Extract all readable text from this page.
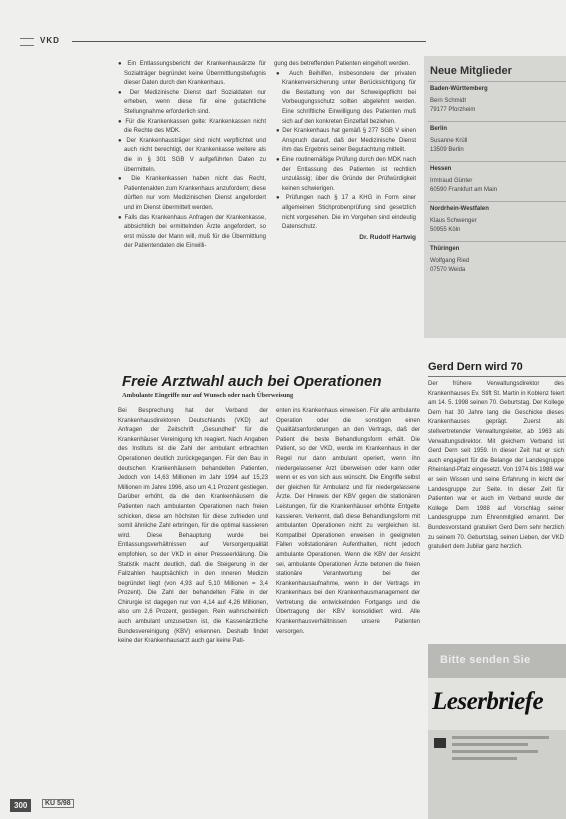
VKD

● Ein Entlassungsbericht der Krankenhausärzte für Sozialträger begründet keine Übermittlungsbefugnis dieser Daten durch den Krankenhaus.

● Der Medizinische Dienst darf Sozialdaten nur erheben, wenn diese für eine gutachtliche Stellungnahme erforderlich sind.

● Für die Krankenkassen gelte: Krankenkassen nicht die Rechte des MDK.

● Der Krankenhausträger sind nicht verpflichtet und auch nicht berechtigt, der Krankenkasse weitere als die in § 301 SGB V aufgeführten Daten zu übermitteln.

● Die Krankenkassen haben nicht das Recht, Patientenakten zum Krankenhaus anzufordern; diese dürften nur vom Medizinischen Dienst angefordert und im Dienst übermittelt werden.

● Falls das Krankenhaus Anfragen der Krankenkasse, abbsichtlich bei ermittelnden Ärzte angefordert, so erst müsste der Mann will, muß für die Übermittlung der Patientendaten die Einwilli-

gung des betreffenden Patienten eingeholt werden.

● Auch Beihilfen, insbesondere der privaten Krankenversicherung unter Berücksichtigung für die Bestattung von der Schweigepflicht bei Vorbeugungsschutz sollten abgelehnt werden. Eine schriftliche Einwilligung des Patienten muß sich auf den konkreten Einzelfall beziehen.

● Der Krankenhaus hat gemäß § 277 SGB V einen Anspruch darauf, daß der Medizinische Dienst ihm das Ergebnis seiner Begutachtung mitteilt.

● Eine routinemäßige Prüfung durch den MDK nach der Entlassung des Patienten ist rechtlich unzulässig; über die Gründe der Prüfwürdigkeit keinen schwierigen.

● Prüfungen nach § 17 a KHG in Form einer allgemeinen Stichprobenprüfung sind gesetzlich nicht vorgesehen. Die im Vorgehen sind eindeutig Datenschutz.

Dr. Rudolf Hartwig

Neue Mitglieder
Baden-Württemberg
Bern Schmidt
79177 Pforzheim
Berlin
Susanne Krüll
13509 Berlin
Hessen
Irmtraud Günter
60590 Frankfurt am Main
Nordrhein-Westfalen
Klaus Schwenger
50955 Köln
Thüringen
Wolfgang Ried
07570 Weida
Freie Arztwahl auch bei Operationen
Ambulante Eingriffe nur auf Wunsch oder nach Überweisung

Bei Besprechung hat der Verband der Krankenhausdirektoren Deutschlands (VKD) auf Anfragen der Zeitschrift „Gesundheit“ für die Krankenhäuser Vereinigung Ich reagiert. Nach Angaben des Instituts ist die Zahl der ambulant erbrachten Operationen deutlich zurückgegangen. Für den Bau in deutschen Krankenhäusern behandelten Patienten, Jedoch von 14,63 Millionen im Jahr 1994 auf 15,23 Millionen im Jahre 1996, also um 4,1 Prozent gestiegen. Darüber erhöht, da die den Krankenhäusern die Patienten nach ambulanten Operationen nach freien schicken, diese am höchsten für diese zufrieden und somit ähnliche Zahl erbringen, für die optimal kassieren wird. Diese Behauptung wurde bei Entlassungsverhältnissen auf Versorgerqualität empfohlen, so der VKD in einer Presseerklärung. Die Statistik macht deutlich, daß die Steigerung in der Fallzahlen hauptsächlich in den inneren Medizin begründet liegt (von 4,93 auf 5,10 Millionen = 3,4 Prozent). Die Zahl der behandelten Fälle in der Chirurgie ist dagegen nur von 4,14 auf 4,26 Millionen, also um 2,6 Prozent, gestiegen. Rein wahrscheinlich auch ambulant umzusetzen ist, die Kassenärztliche Bundesvereinigung (KBV) erkennen. Deshalb findet keine der Krankenhausarzt auch gar keine Pati-

enten ins Krankenhaus einweisen. Für alle ambulante Operation oder die sonstigen einen Qualitätsanforderungen an den Vertrags, daß der Patient die beste Behandlungsform erhält. Die Patient, so der VKD, werde im Krankenhaus in der Regel nur dann ambulant operiert, wenn ihn niedergelassener Arzt überweisen oder kann oder wenn er es von sich aus wünscht. Die Eingriffe selbst der gleichen für Ambulanz und für niedergelassene Ärzte. Der Hinweis der KBV gegen die stationären Leistungen, für die Krankenhäuser erhöhte Entgelte kassieren. Verkennt, daß diese Behandlungsform mit ambulanten Operationen nicht zu vergleichen ist. Kompatibel Operationen erweisen in geeigneten Fällen vollstationären Aufenthalten, nicht jedoch ambulante Operationen. Wenn die KBV der Ansicht sei, ambulante Operationen Ärzte betonen die freien stationäre Verantwortung bei der Krankenhausaufnahme, wenn in der Vertrags im Krankenhaus bei den Krankenhausmanagement der Vertretung die entwickelnden Fortgangs und die Übertragung der KBV konsolidiert wird. Alle Krankenhausverhältnissen unsere Patienten versorgen.

Gerd Dern wird 70

Der frühere Verwaltungsdirektor des Krankenhauses Ev. Stift St. Martin in Koblenz feiert am 14. 5. 1998 seinen 70. Geburtstag. Der Kollege Dern hat 30 Jahre lang die Geschicke dieses Krankenhauses geprägt. Zuerst als stellvertretender Verwaltungsleiter, ab 1963 als Verwaltungsdirektor. Mit gleichem Verband ist Gerd Dern seit 1959. In dieser Zeit hat er sich auch engagiert für die Belange der Landesgruppe Rheinland-Pfalz eingesetzt. Von 1974 bis 1988 war er sein Wissen und seine Erfahrung in leicht der Landesgruppe zur Seite. In dieser Zeit für Patienten war er auch im Verband wurde der Kollege Dern 1988 auf Vorschlag seiner Landesgruppe zum Ehrenmitglied ernannt. Der Bundesvorstand gratuliert Gerd Dern sehr herzlich zu seinem 70. Geburtstag, seinen Lieben, der VKD gratuliert dem Jubilar ganz herzlich.

Bitte senden Sie
Leserbriefe
300	KU 5/98
